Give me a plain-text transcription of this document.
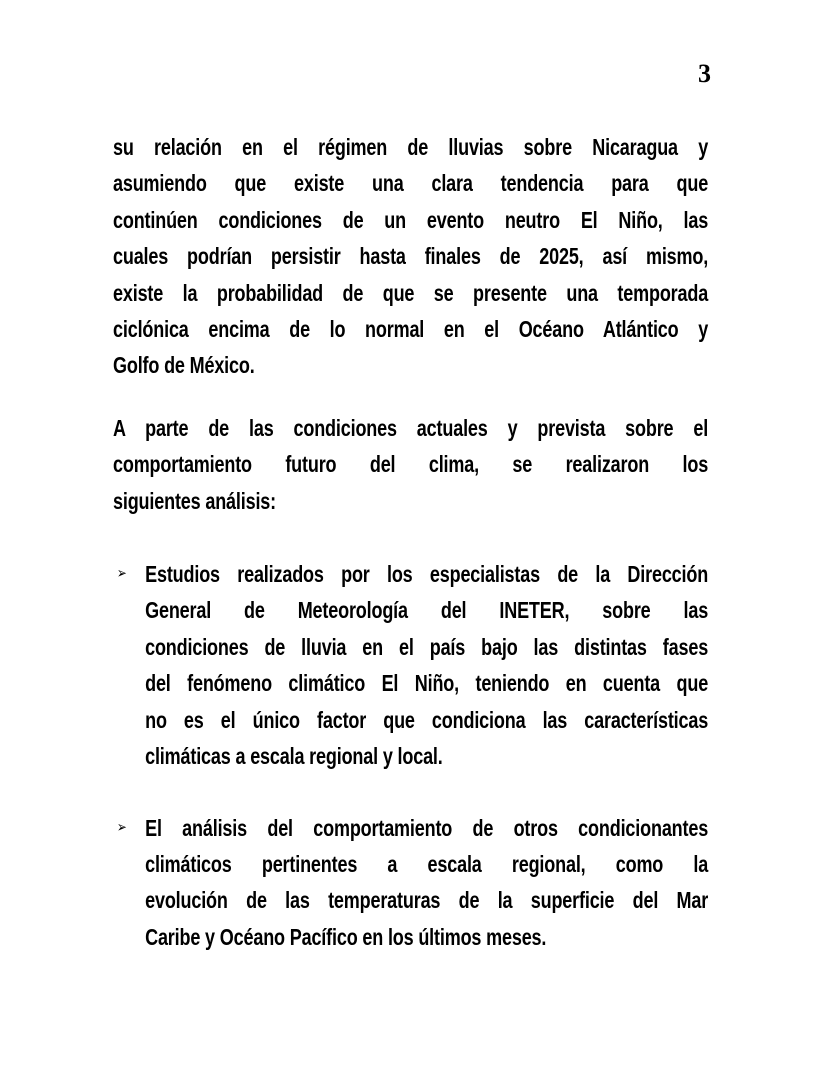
3
su relación en el régimen de lluvias sobre Nicaragua y
asumiendo que existe una clara tendencia para que
continúen condiciones de un evento neutro El Niño, las
cuales podrían persistir hasta finales de 2025, así mismo,
existe la probabilidad de que se presente una temporada
ciclónica encima de lo normal en el Océano Atlántico y
Golfo de México.
A parte de las condiciones actuales y prevista sobre el
comportamiento futuro del clima, se realizaron los
siguientes análisis:
➢ Estudios realizados por los especialistas de la Dirección
General de Meteorología del INETER, sobre las
condiciones de lluvia en el país bajo las distintas fases
del fenómeno climático El Niño, teniendo en cuenta que
no es el único factor que condiciona las características
climáticas a escala regional y local.
➢ El análisis del comportamiento de otros condicionantes
climáticos pertinentes a escala regional, como la
evolución de las temperaturas de la superficie del Mar
Caribe y Océano Pacífico en los últimos meses.
